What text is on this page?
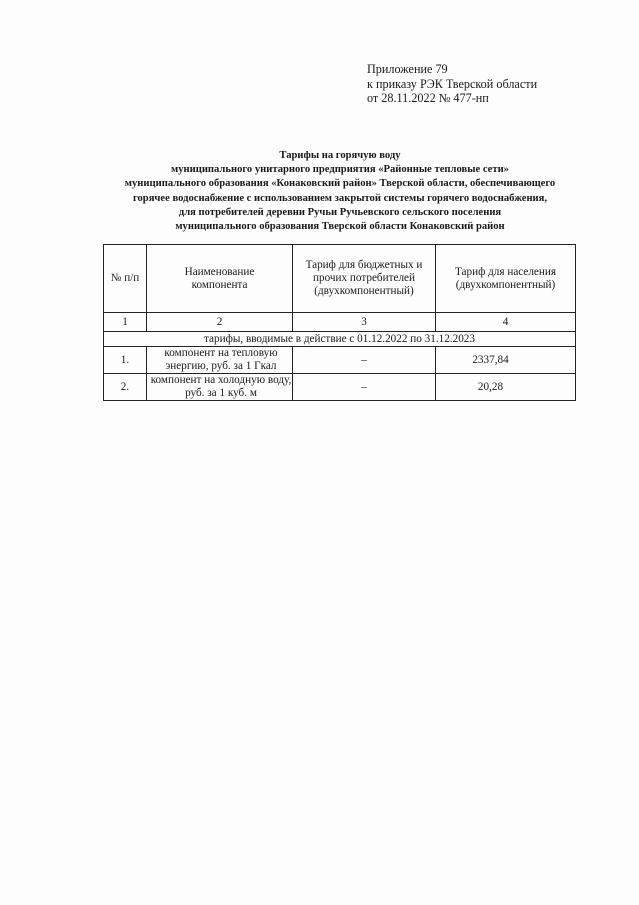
Приложение 79
к приказу РЭК Тверской области
от 28.11.2022 № 477-нп
Тарифы на горячую воду
муниципального унитарного предприятия «Районные тепловые сети»
муниципального образования «Конаковский район» Тверской области, обеспечивающего
горячее водоснабжение с использованием закрытой системы горячего водоснабжения,
для потребителей деревни Ручьи Ручьевского сельского поселения
муниципального образования Тверской области Конаковский район
№ п/п	Наименование компонента	Тариф для бюджетных и прочих потребителей (двухкомпонентный)	Тариф для населения (двухкомпонентный)
1	2	3	4
тарифы, вводимые в действие с 01.12.2022 по 31.12.2023			
1.	компонент на тепловую энергию, руб. за 1 Гкал	–	2337,84
2.	компонент на холодную воду, руб. за 1 куб. м	–	20,28
